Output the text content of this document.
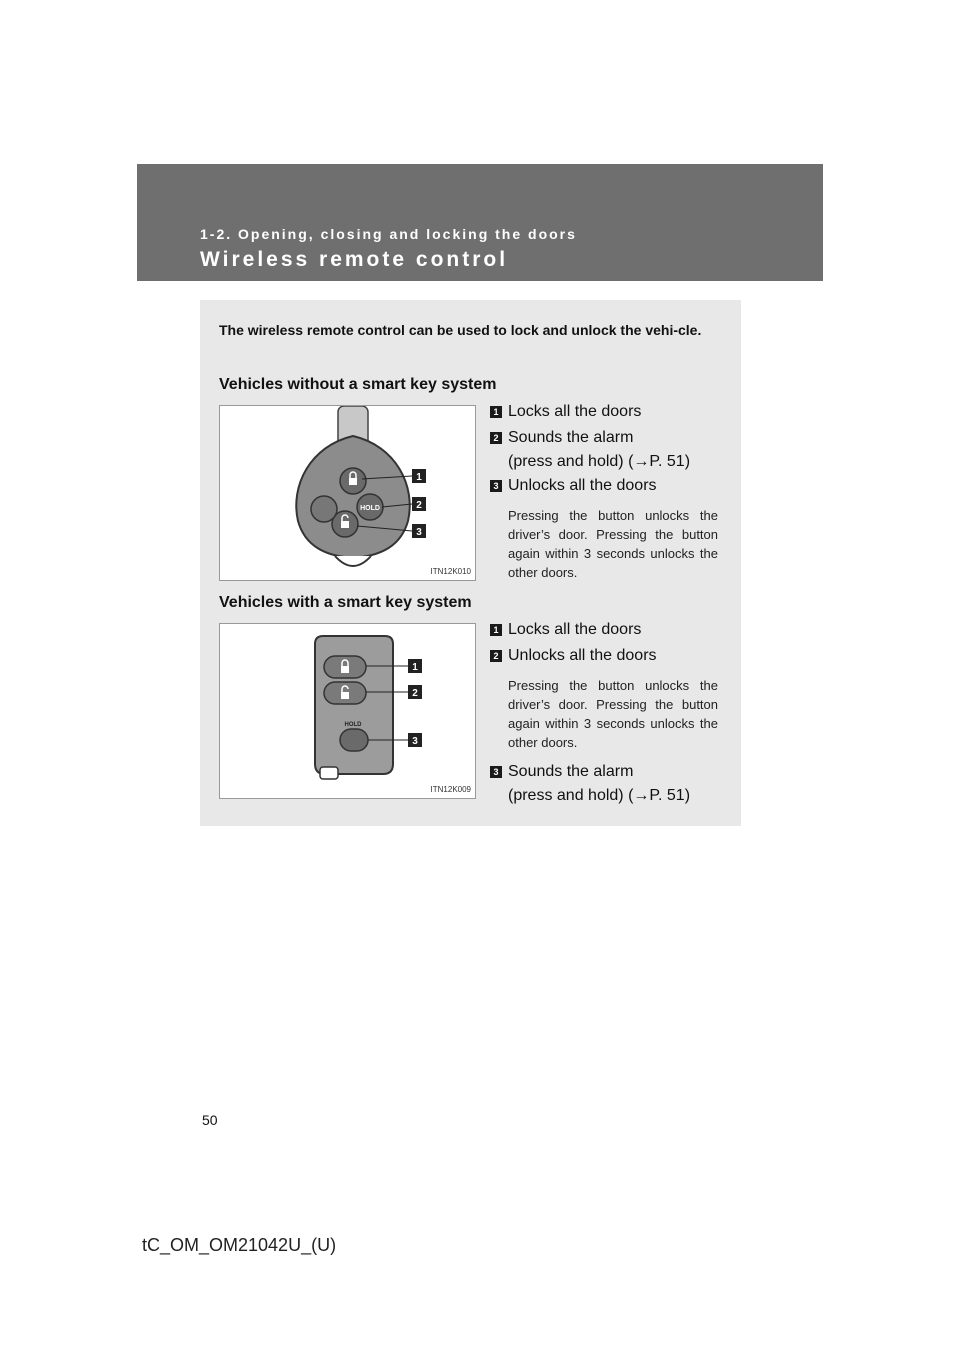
1-2. Opening, closing and locking the doors
Wireless remote control
The wireless remote control can be used to lock and unlock the vehi-cle.
Vehicles without a smart key system
HOLD
1
2
3
ITN12K010
1 Locks all the doors
2 Sounds the alarm
(press and hold) (→P. 51)
3 Unlocks all the doors
Pressing the button unlocks the driver’s door. Pressing the button again within 3 seconds unlocks the other doors.
Vehicles with a smart key system
HOLD
1
2
3
ITN12K009
1 Locks all the doors
2 Unlocks all the doors
Pressing the button unlocks the driver’s door. Pressing the button again within 3 seconds unlocks the other doors.
3 Sounds the alarm
(press and hold) (→P. 51)
50
tC_OM_OM21042U_(U)
